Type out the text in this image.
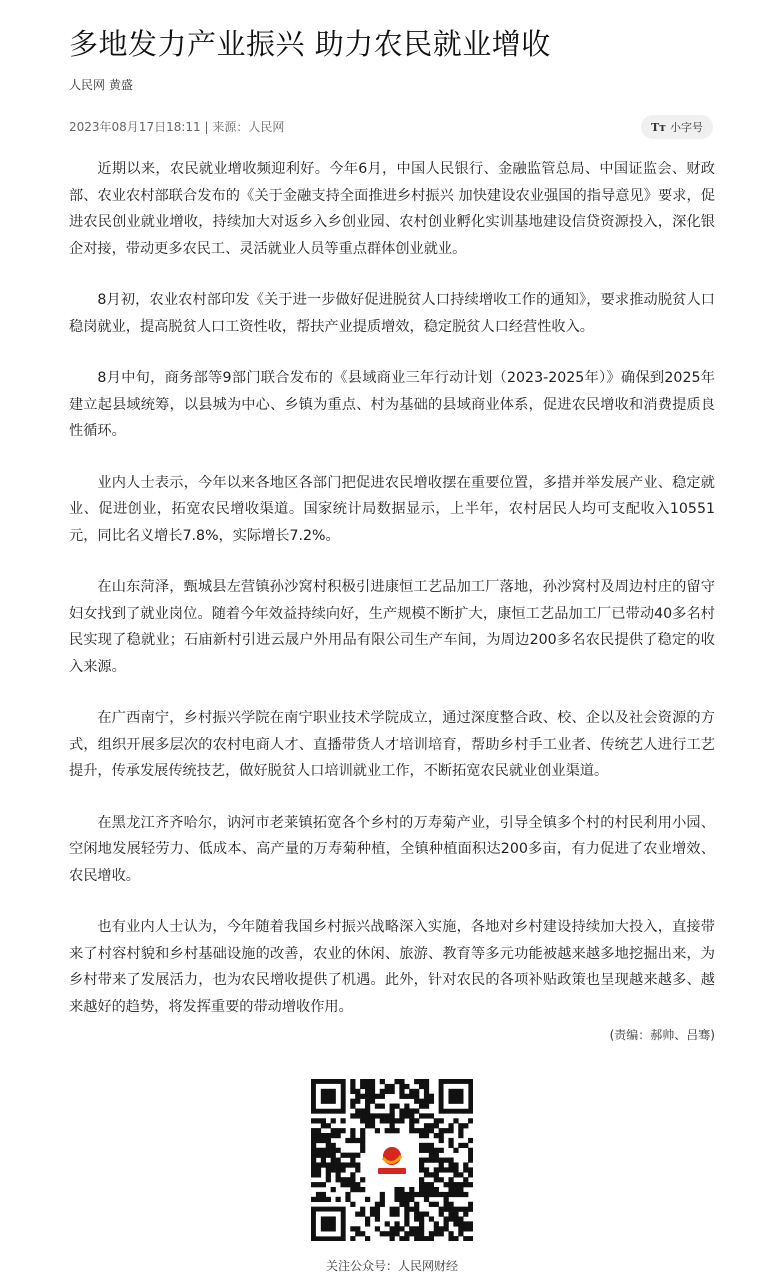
多地发力产业振兴 助力农民就业增收
人民网 黄盛
2023年08月17日18:11 | 来源：人民网	Tт 小字号

近期以来，农民就业增收频迎利好。今年6月，中国人民银行、金融监管总局、中国证监会、财政部、农业农村部联合发布的《关于金融支持全面推进乡村振兴 加快建设农业强国的指导意见》要求，促进农民创业就业增收，持续加大对返乡入乡创业园、农村创业孵化实训基地建设信贷资源投入，深化银企对接，带动更多农民工、灵活就业人员等重点群体创业就业。

8月初，农业农村部印发《关于进一步做好促进脱贫人口持续增收工作的通知》，要求推动脱贫人口稳岗就业，提高脱贫人口工资性收，帮扶产业提质增效，稳定脱贫人口经营性收入。

8月中旬，商务部等9部门联合发布的《县域商业三年行动计划（2023-2025年）》确保到2025年建立起县域统筹，以县城为中心、乡镇为重点、村为基础的县域商业体系，促进农民增收和消费提质良性循环。

业内人士表示，今年以来各地区各部门把促进农民增收摆在重要位置，多措并举发展产业、稳定就业、促进创业，拓宽农民增收渠道。国家统计局数据显示，上半年，农村居民人均可支配收入10551元，同比名义增长7.8%，实际增长7.2%。

在山东菏泽，甄城县左营镇孙沙窝村积极引进康恒工艺品加工厂落地，孙沙窝村及周边村庄的留守妇女找到了就业岗位。随着今年效益持续向好，生产规模不断扩大，康恒工艺品加工厂已带动40多名村民实现了稳就业；石庙新村引进云晟户外用品有限公司生产车间，为周边200多名农民提供了稳定的收入来源。

在广西南宁，乡村振兴学院在南宁职业技术学院成立，通过深度整合政、校、企以及社会资源的方式，组织开展多层次的农村电商人才、直播带货人才培训培育，帮助乡村手工业者、传统艺人进行工艺提升，传承发展传统技艺，做好脱贫人口培训就业工作，不断拓宽农民就业创业渠道。

在黑龙江齐齐哈尔，讷河市老莱镇拓宽各个乡村的万寿菊产业，引导全镇多个村的村民利用小园、空闲地发展轻劳力、低成本、高产量的万寿菊种植，全镇种植面积达200多亩，有力促进了农业增效、农民增收。

也有业内人士认为，今年随着我国乡村振兴战略深入实施，各地对乡村建设持续加大投入，直接带来了村容村貌和乡村基础设施的改善，农业的休闲、旅游、教育等多元功能被越来越多地挖掘出来，为乡村带来了发展活力，也为农民增收提供了机遇。此外，针对农民的各项补贴政策也呈现越来越多、越来越好的趋势，将发挥重要的带动增收作用。

(责编：郝帅、吕骞)
关注公众号：人民网财经
